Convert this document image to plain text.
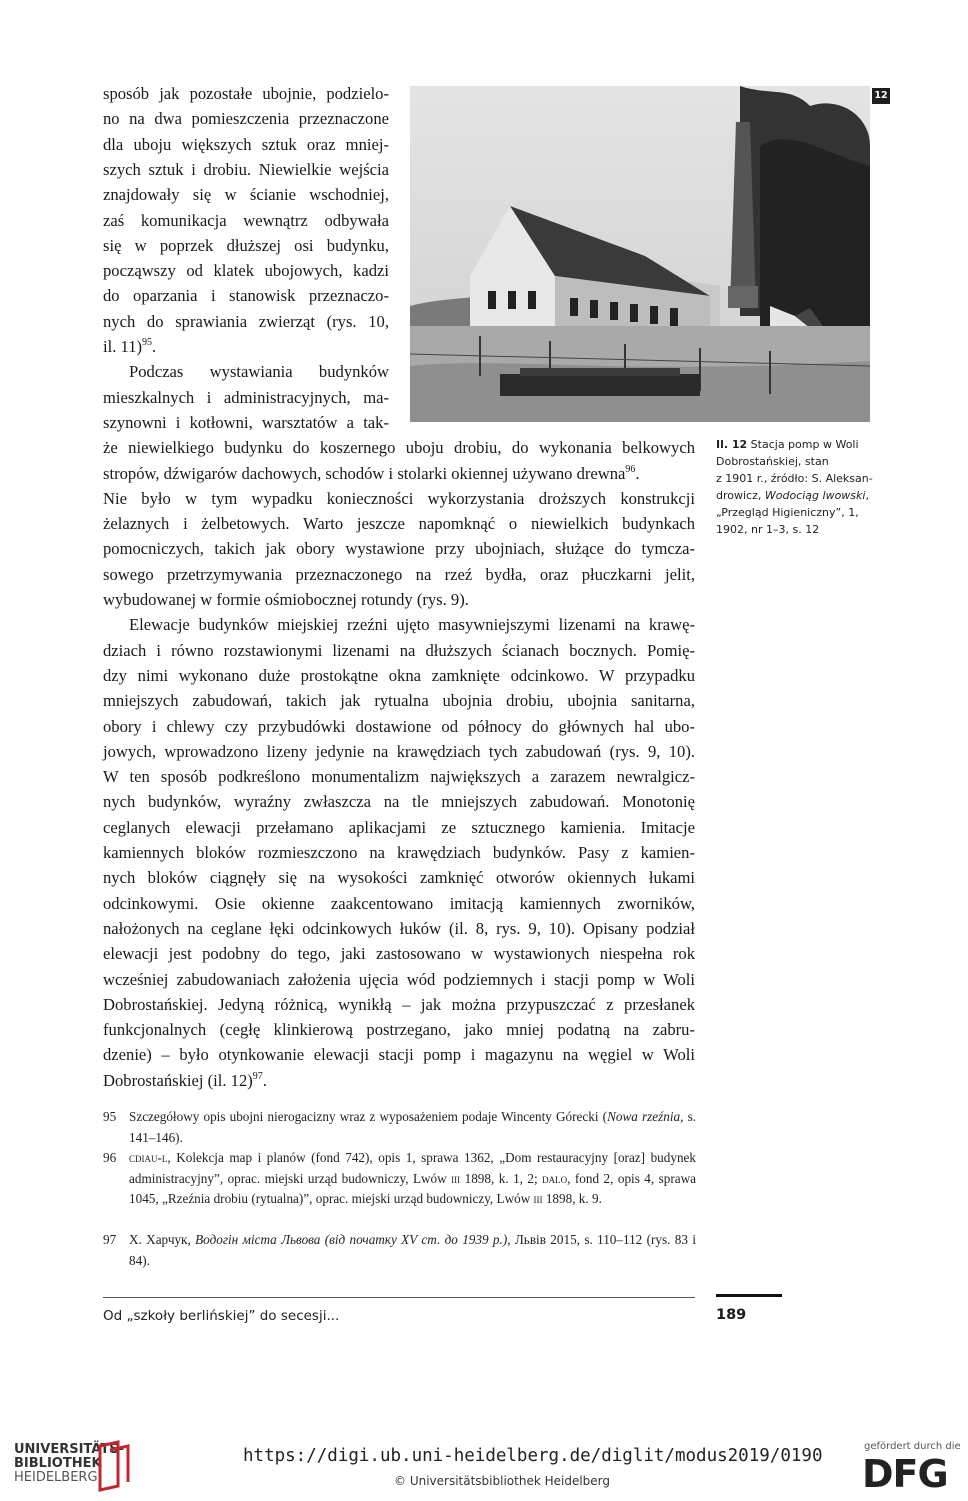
12
Il. 12 Stacja pomp w Woli
Dobrostańskiej, stan
z 1901 r., źródło: S. Aleksan-
drowicz, Wodociąg lwowski,
„Przegląd Higieniczny”, 1,
1902, nr 1–3, s. 12
sposób jak pozostałe ubojnie, podzielo-
no na dwa pomieszczenia przeznaczone
dla uboju większych sztuk oraz mniej-
szych sztuk i drobiu. Niewielkie wejścia
znajdowały się w ścianie wschodniej,
zaś komunikacja wewnątrz odbywała
się w poprzek dłuższej osi budynku,
począwszy od klatek ubojowych, kadzi
do oparzania i stanowisk przeznaczo-
nych do sprawiania zwierząt (rys. 10,
il. 11)$^{95}$.
Podczas wystawiania budynków
mieszkalnych i administracyjnych, ma-
szynowni i kotłowni, warsztatów a tak-
że niewielkiego budynku do koszernego uboju drobiu, do wykonania belkowych
stropów, dźwigarów dachowych, schodów i stolarki okiennej używano drewna$^{96}$.
Nie było w tym wypadku konieczności wykorzystania droższych konstrukcji
żelaznych i żelbetowych. Warto jeszcze napomknąć o niewielkich budynkach
pomocniczych, takich jak obory wystawione przy ubojniach, służące do tymcza-
sowego przetrzymywania przeznaczonego na rzeź bydła, oraz płuczkarni jelit,
wybudowanej w formie ośmiobocznej rotundy (rys. 9).
Elewacje budynków miejskiej rzeźni ujęto masywniejszymi lizenami na krawę-
dziach i równo rozstawionymi lizenami na dłuższych ścianach bocznych. Pomię-
dzy nimi wykonano duże prostokątne okna zamknięte odcinkowo. W przypadku
mniejszych zabudowań, takich jak rytualna ubojnia drobiu, ubojnia sanitarna,
obory i chlewy czy przybudówki dostawione od północy do głównych hal ubo-
jowych, wprowadzono lizeny jedynie na krawędziach tych zabudowań (rys. 9, 10).
W ten sposób podkreślono monumentalizm największych a zarazem newralgicz-
nych budynków, wyraźny zwłaszcza na tle mniejszych zabudowań. Monotonię
ceglanych elewacji przełamano aplikacjami ze sztucznego kamienia. Imitacje
kamiennych bloków rozmieszczono na krawędziach budynków. Pasy z kamien-
nych bloków ciągnęły się na wysokości zamknięć otworów okiennych łukami
odcinkowymi. Osie okienne zaakcentowano imitacją kamiennych zworników,
nałożonych na ceglane łęki odcinkowych łuków (il. 8, rys. 9, 10). Opisany podział
elewacji jest podobny do tego, jaki zastosowano w wystawionych niespełna rok
wcześniej zabudowaniach założenia ujęcia wód podziemnych i stacji pomp w Woli
Dobrostańskiej. Jedyną różnicą, wynikłą – jak można przypuszczać z przesłanek
funkcjonalnych (cegłę klinkierową postrzegano, jako mniej podatną na zabru-
dzenie) – było otynkowanie elewacji stacji pomp i magazynu na węgiel w Woli
Dobrostańskiej (il. 12)$^{97}$.
95 Szczegółowy opis ubojni nierogacizny wraz z wyposażeniem podaje Wincenty Górecki (Nowa rzeźnia, s. 141–146).
96 cdiau-l, Kolekcja map i planów (fond 742), opis 1, sprawa 1362, „Dom restauracyjny [oraz] budynek administracyjny”, oprac. miejski urząd budowniczy, Lwów iii 1898, k. 1, 2; dalo, fond 2, opis 4, sprawa 1045, „Rzeźnia drobiu (rytualna)”, oprac. miejski urząd budowniczy, Lwów iii 1898, k. 9.
97 Х. Харчук, Водогін міста Львова (від початку XV ст. до 1939 р.), Львів 2015, s. 110–112 (rys. 83 i 84).
Od „szkoły berlińskiej” do secesji...	189
UNIVERSITÄTS-
BIBLIOTHEK
HEIDELBERG
https://digi.ub.uni-heidelberg.de/diglit/modus2019/0190
© Universitätsbibliothek Heidelberg
gefördert durch die
DFG
